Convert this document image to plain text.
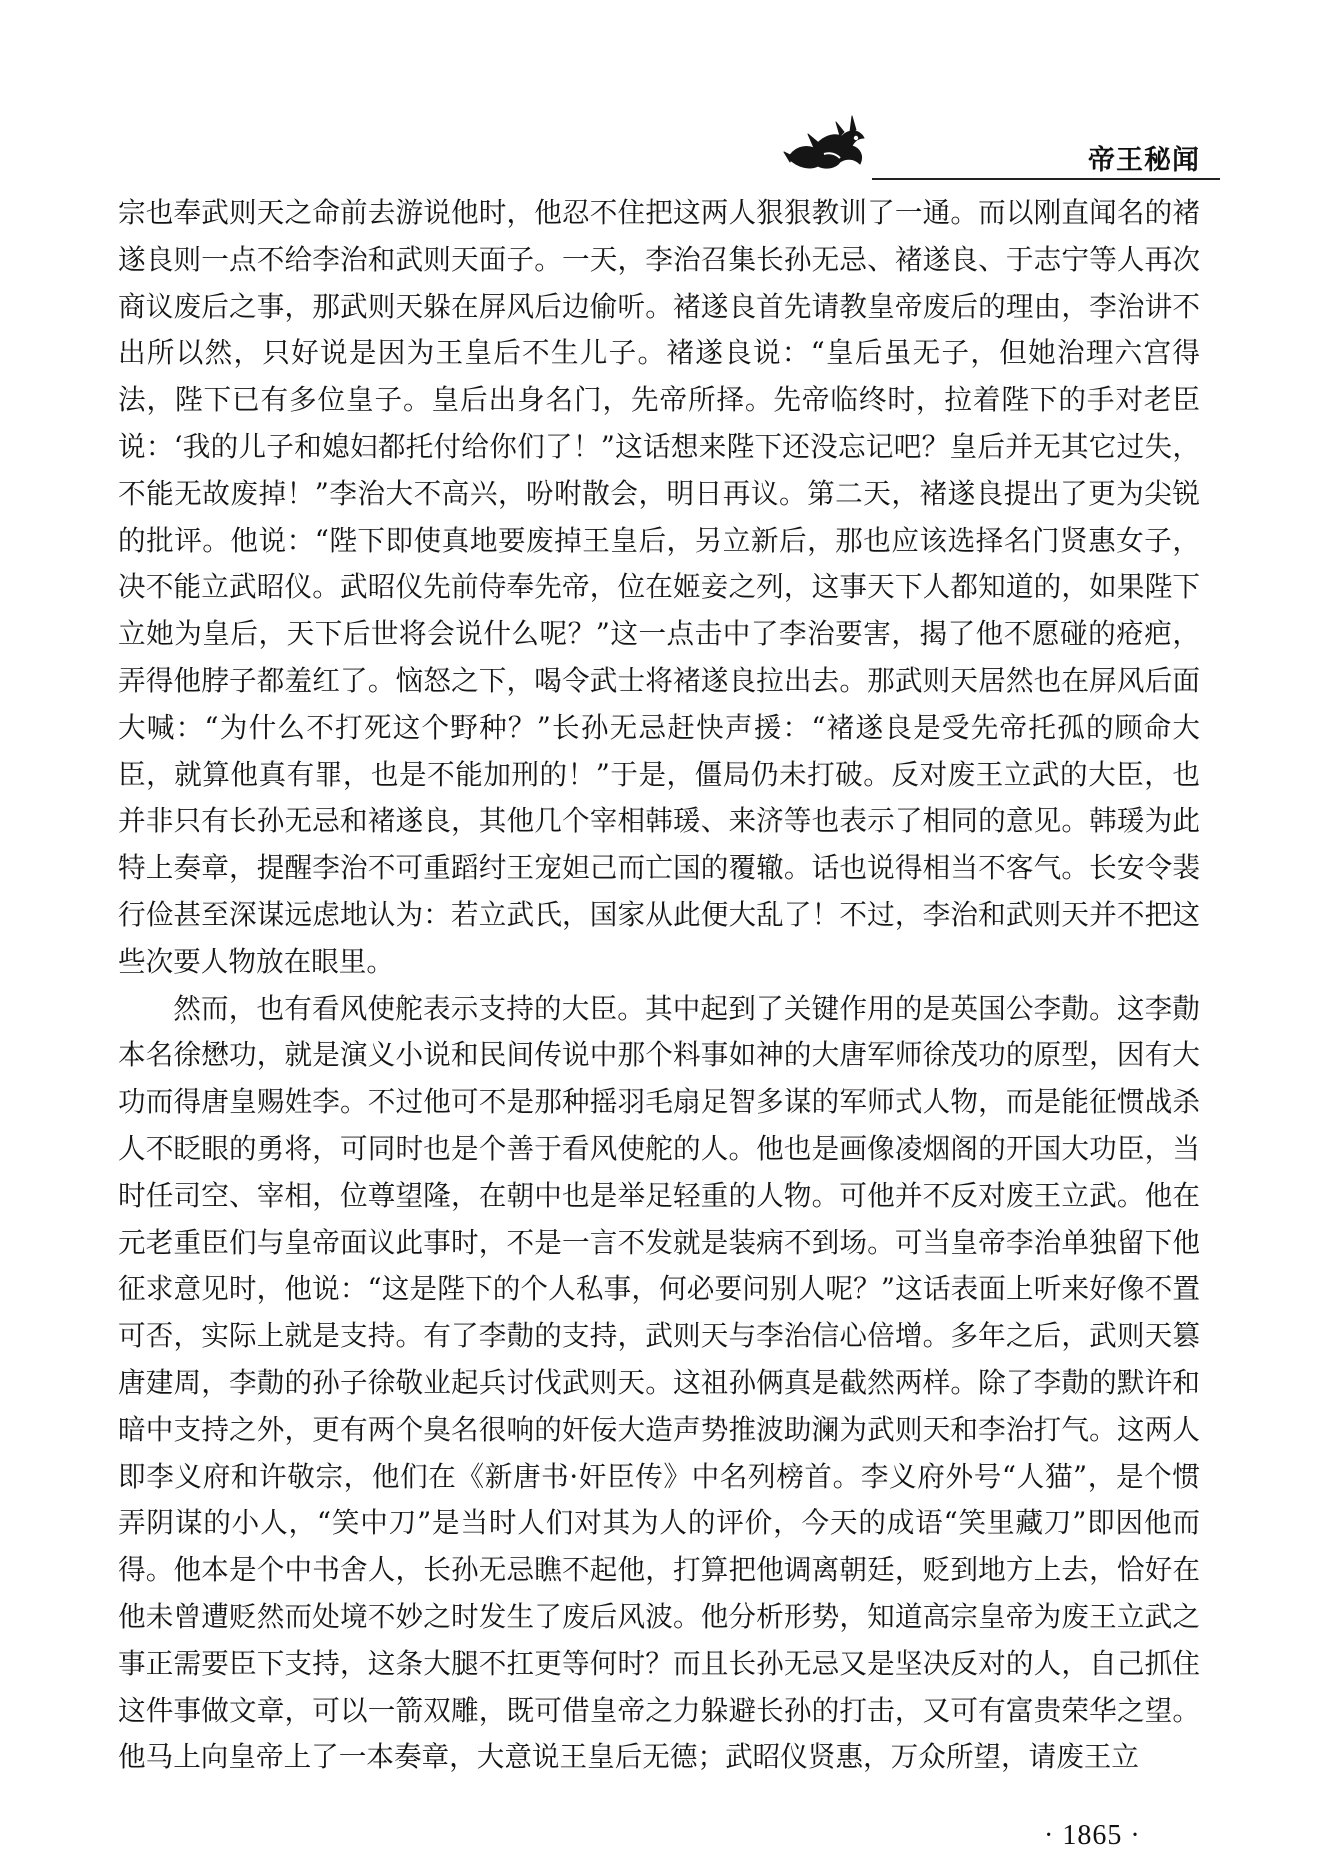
帝王秘闻

宗也奉武则天之命前去游说他时，他忍不住把这两人狠狠教训了一通。而以刚直闻名的褚遂良则一点不给李治和武则天面子。一天，李治召集长孙无忌、褚遂良、于志宁等人再次商议废后之事，那武则天躲在屏风后边偷听。褚遂良首先请教皇帝废后的理由，李治讲不出所以然，只好说是因为王皇后不生儿子。褚遂良说：“皇后虽无子，但她治理六宫得法，陛下已有多位皇子。皇后出身名门，先帝所择。先帝临终时，拉着陛下的手对老臣说：‘我的儿子和媳妇都托付给你们了！”这话想来陛下还没忘记吧？皇后并无其它过失，不能无故废掉！”李治大不高兴，吩咐散会，明日再议。第二天，褚遂良提出了更为尖锐的批评。他说：“陛下即使真地要废掉王皇后，另立新后，那也应该选择名门贤惠女子，决不能立武昭仪。武昭仪先前侍奉先帝，位在姬妾之列，这事天下人都知道的，如果陛下立她为皇后，天下后世将会说什么呢？”这一点击中了李治要害，揭了他不愿碰的疮疤，弄得他脖子都羞红了。恼怒之下，喝令武士将褚遂良拉出去。那武则天居然也在屏风后面大喊：“为什么不打死这个野种？”长孙无忌赶快声援：“褚遂良是受先帝托孤的顾命大臣，就算他真有罪，也是不能加刑的！”于是，僵局仍未打破。反对废王立武的大臣，也并非只有长孙无忌和褚遂良，其他几个宰相韩瑗、来济等也表示了相同的意见。韩瑗为此特上奏章，提醒李治不可重蹈纣王宠妲己而亡国的覆辙。话也说得相当不客气。长安令裴行俭甚至深谋远虑地认为：若立武氏，国家从此便大乱了！不过，李治和武则天并不把这些次要人物放在眼里。

然而，也有看风使舵表示支持的大臣。其中起到了关键作用的是英国公李勣。这李勣本名徐懋功，就是演义小说和民间传说中那个料事如神的大唐军师徐茂功的原型，因有大功而得唐皇赐姓李。不过他可不是那种摇羽毛扇足智多谋的军师式人物，而是能征惯战杀人不眨眼的勇将，可同时也是个善于看风使舵的人。他也是画像凌烟阁的开国大功臣，当时任司空、宰相，位尊望隆，在朝中也是举足轻重的人物。可他并不反对废王立武。他在元老重臣们与皇帝面议此事时，不是一言不发就是装病不到场。可当皇帝李治单独留下他征求意见时，他说：“这是陛下的个人私事，何必要问别人呢？”这话表面上听来好像不置可否，实际上就是支持。有了李勣的支持，武则天与李治信心倍增。多年之后，武则天篡唐建周，李勣的孙子徐敬业起兵讨伐武则天。这祖孙俩真是截然两样。除了李勣的默许和暗中支持之外，更有两个臭名很响的奸佞大造声势推波助澜为武则天和李治打气。这两人即李义府和许敬宗，他们在《新唐书·奸臣传》中名列榜首。李义府外号“人猫”，是个惯弄阴谋的小人，“笑中刀”是当时人们对其为人的评价，今天的成语“笑里藏刀”即因他而得。他本是个中书舍人，长孙无忌瞧不起他，打算把他调离朝廷，贬到地方上去，恰好在他未曾遭贬然而处境不妙之时发生了废后风波。他分析形势，知道高宗皇帝为废王立武之事正需要臣下支持，这条大腿不扛更等何时？而且长孙无忌又是坚决反对的人，自己抓住这件事做文章，可以一箭双雕，既可借皇帝之力躲避长孙的打击，又可有富贵荣华之望。他马上向皇帝上了一本奏章，大意说王皇后无德；武昭仪贤惠，万众所望，请废王立

· 1865 ·
